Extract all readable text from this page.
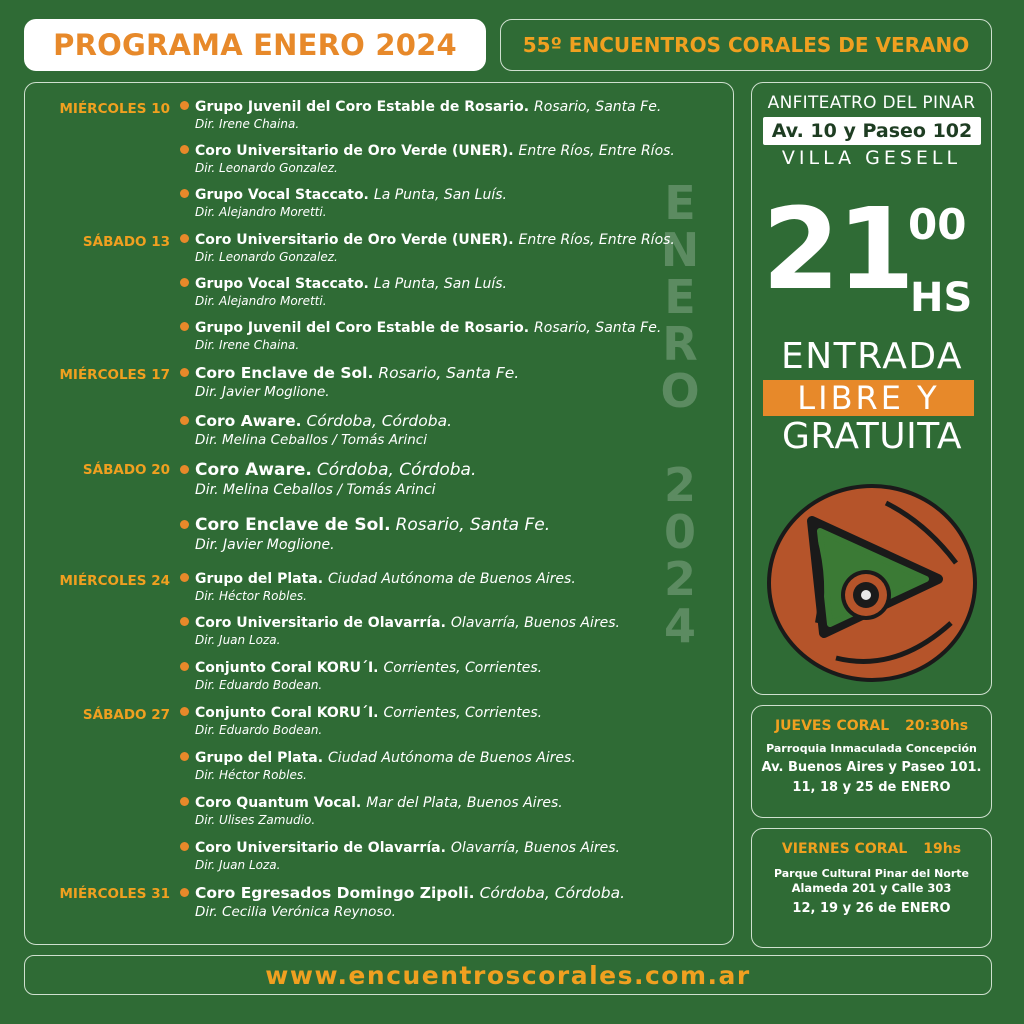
PROGRAMA ENERO 2024	55º ENCUENTROS CORALES DE VERANO
E
N
E
R
O
2
0
2
4
MIÉRCOLES 10
SÁBADO 13
MIÉRCOLES 17
SÁBADO 20
MIÉRCOLES 24
SÁBADO 27
MIÉRCOLES 31
Grupo Juvenil del Coro Estable de Rosario. Rosario, Santa Fe.
Dir. Irene Chaina.
Coro Universitario de Oro Verde (UNER). Entre Ríos, Entre Ríos.
Dir. Leonardo Gonzalez.
Grupo Vocal Staccato. La Punta, San Luís.
Dir. Alejandro Moretti.
Coro Universitario de Oro Verde (UNER). Entre Ríos, Entre Ríos.
Dir. Leonardo Gonzalez.
Grupo Vocal Staccato. La Punta, San Luís.
Dir. Alejandro Moretti.
Grupo Juvenil del Coro Estable de Rosario. Rosario, Santa Fe.
Dir. Irene Chaina.
Coro Enclave de Sol. Rosario, Santa Fe.
Dir. Javier Moglione.
Coro Aware. Córdoba, Córdoba.
Dir. Melina Ceballos / Tomás Arinci
Coro Aware. Córdoba, Córdoba.
Dir. Melina Ceballos / Tomás Arinci
Coro Enclave de Sol. Rosario, Santa Fe.
Dir. Javier Moglione.
Grupo del Plata. Ciudad Autónoma de Buenos Aires.
Dir. Héctor Robles.
Coro Universitario de Olavarría. Olavarría, Buenos Aires.
Dir. Juan Loza.
Conjunto Coral KORU´I. Corrientes, Corrientes.
Dir. Eduardo Bodean.
Conjunto Coral KORU´I. Corrientes, Corrientes.
Dir. Eduardo Bodean.
Grupo del Plata. Ciudad Autónoma de Buenos Aires.
Dir. Héctor Robles.
Coro Quantum Vocal. Mar del Plata, Buenos Aires.
Dir. Ulises Zamudio.
Coro Universitario de Olavarría. Olavarría, Buenos Aires.
Dir. Juan Loza.
Coro Egresados Domingo Zipoli. Córdoba, Córdoba.
Dir. Cecilia Verónica Reynoso.
ANFITEATRO DEL PINAR
Av. 10 y Paseo 102
VILLA GESELL
21
00
HS
ENTRADA
LIBRE Y
GRATUITA
JUEVES CORAL 20:30hs
Parroquia Inmaculada Concepción
Av. Buenos Aires y Paseo 101.
11, 18 y 25 de ENERO
VIERNES CORAL 19hs
Parque Cultural Pinar del Norte
Alameda 201 y Calle 303
12, 19 y 26 de ENERO
www.encuentroscorales.com.ar
